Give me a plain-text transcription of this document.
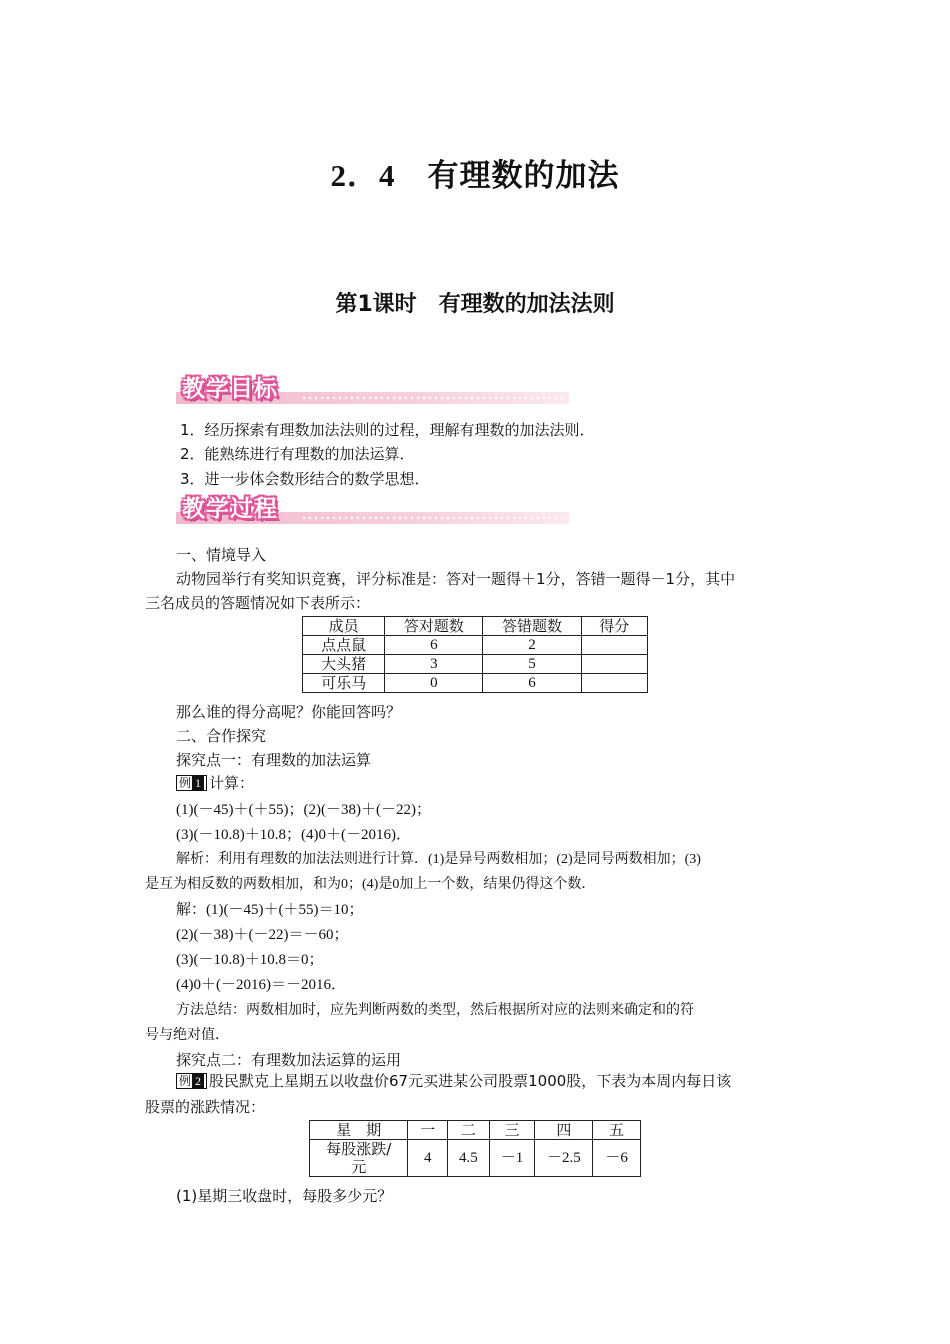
2．4　有理数的加法
第1课时　有理数的加法法则
教学目标
1．经历探索有理数加法法则的过程，理解有理数的加法法则．
2．能熟练进行有理数的加法运算．
3．进一步体会数形结合的数学思想．
教学过程
一、情境导入
动物园举行有奖知识竞赛，评分标准是：答对一题得＋1分，答错一题得－1分，其中
三名成员的答题情况如下表所示：
成员	答对题数	答错题数	得分
点点鼠	6	2	
大头猪	3	5	
可乐马	0	6	
那么谁的得分高呢？你能回答吗？
二、合作探究
探究点一：有理数的加法运算
例 1 计算：
(1)(－45)＋(＋55)；(2)(－38)＋(－22)；
(3)(－10.8)＋10.8；(4)0＋(－2016)．
解析：利用有理数的加法法则进行计算．(1)是异号两数相加；(2)是同号两数相加；(3)
是互为相反数的两数相加，和为0；(4)是0加上一个数，结果仍得这个数．
解：(1)(－45)＋(＋55)＝10；
(2)(－38)＋(－22)＝－60；
(3)(－10.8)＋10.8＝0；
(4)0＋(－2016)＝－2016．
方法总结：两数相加时，应先判断两数的类型，然后根据所对应的法则来确定和的符
号与绝对值．
探究点二：有理数加法运算的运用
例 2 股民默克上星期五以收盘价67元买进某公司股票1000股，下表为本周内每日该
股票的涨跌情况：
星　期	一	二	三	四	五
每股涨跌/元	4	4.5	－1	－2.5	－6
(1)星期三收盘时，每股多少元？
